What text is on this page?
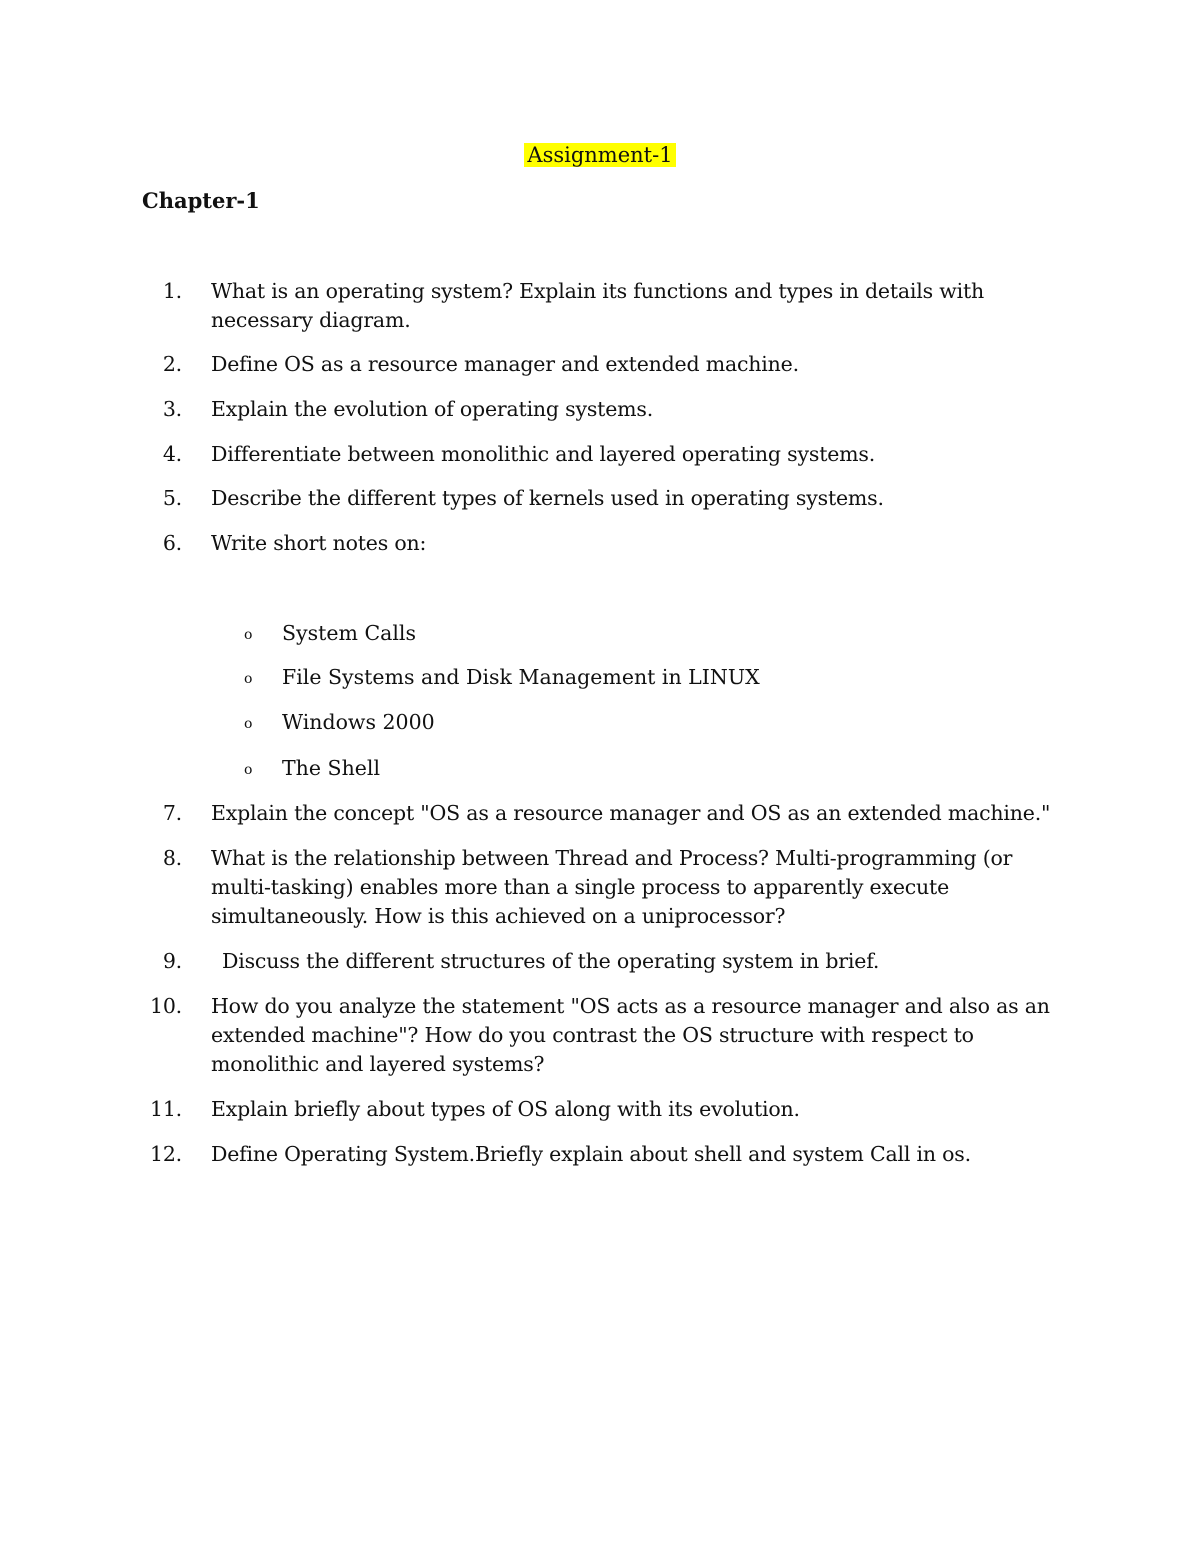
Assignment-1
Chapter-1
1. What is an operating system? Explain its functions and types in details with necessary diagram.
2. Define OS as a resource manager and extended machine.
3. Explain the evolution of operating systems.
4. Differentiate between monolithic and layered operating systems.
5. Describe the different types of kernels used in operating systems.
6. Write short notes on:
o System Calls
o File Systems and Disk Management in LINUX
o Windows 2000
o The Shell
7. Explain the concept "OS as a resource manager and OS as an extended machine."
8. What is the relationship between Thread and Process? Multi-programming (or multi-tasking) enables more than a single process to apparently execute simultaneously. How is this achieved on a uniprocessor?
9. Discuss the different structures of the operating system in brief.
10. How do you analyze the statement "OS acts as a resource manager and also as an extended machine"? How do you contrast the OS structure with respect to monolithic and layered systems?
11. Explain briefly about types of OS along with its evolution.
12. Define Operating System.Briefly explain about shell and system Call in os.
